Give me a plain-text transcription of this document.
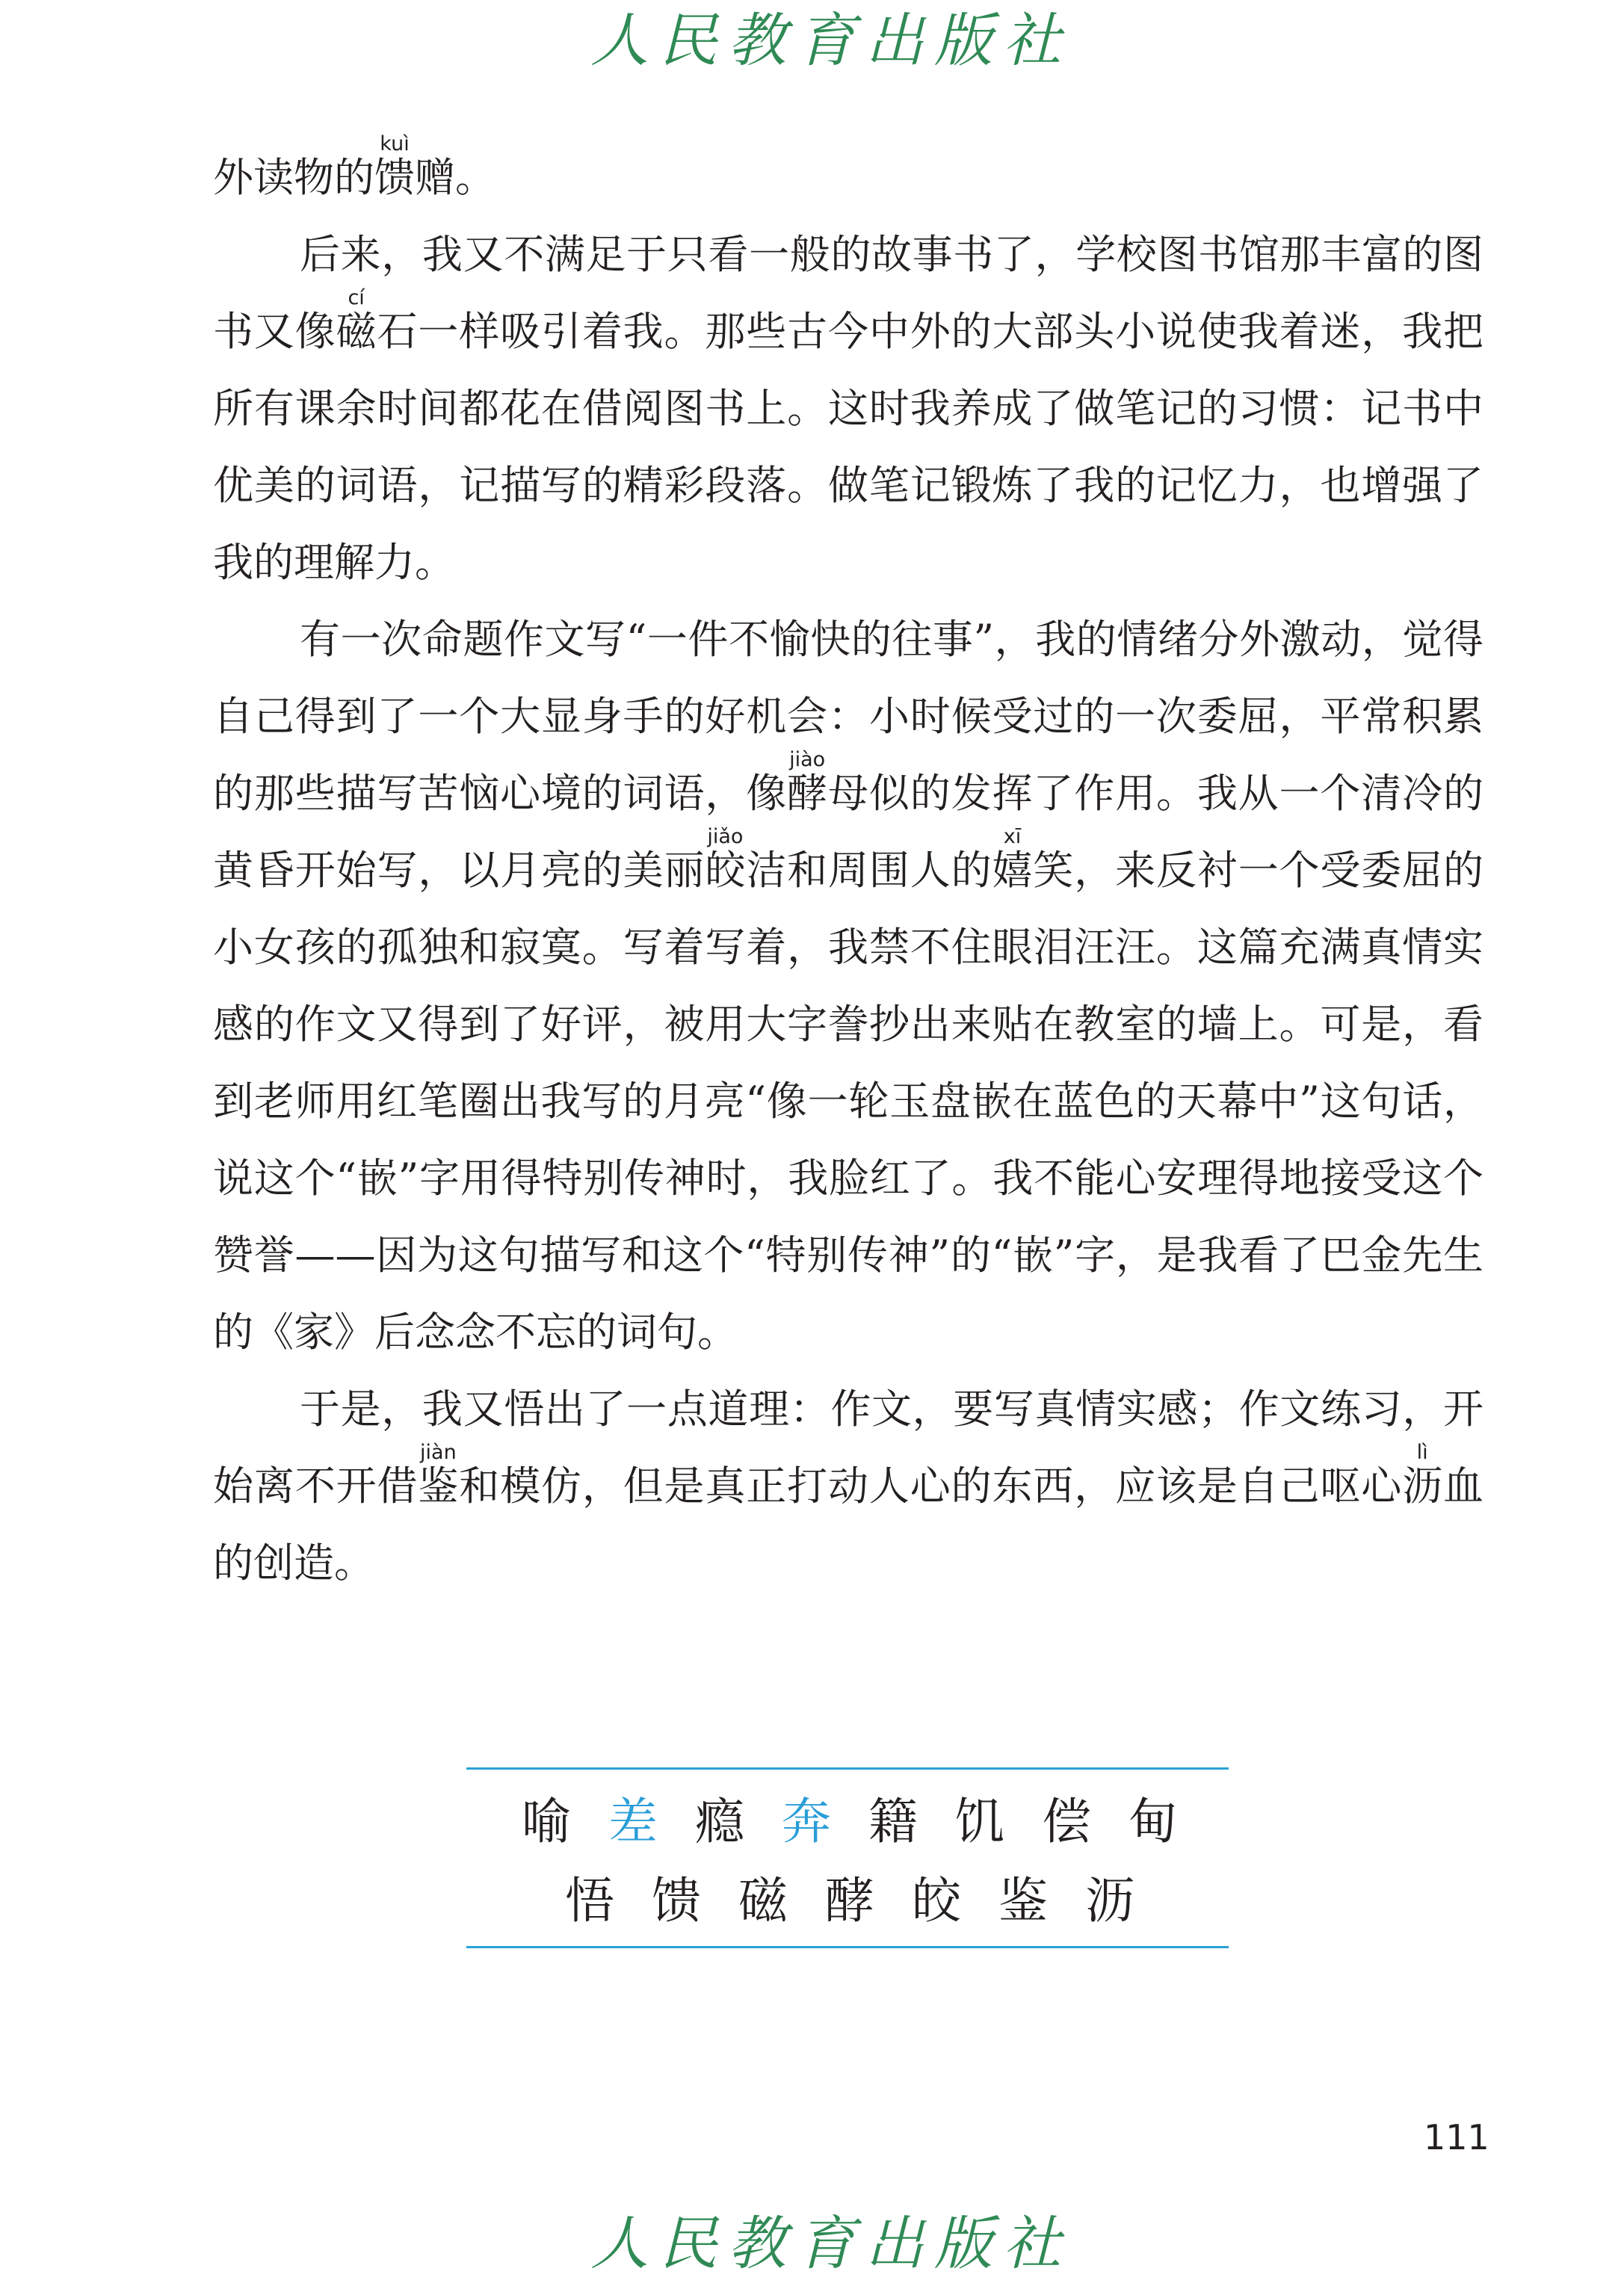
人民教育出版社

外读物的馈kuì赠。

后来，我又不满足于只看一般的故事书了，学校图书馆那丰富的图书又像磁cí石一样吸引着我。那些古今中外的大部头小说使我着迷，我把所有课余时间都花在借阅图书上。这时我养成了做笔记的习惯：记书中优美的词语，记描写的精彩段落。做笔记锻炼了我的记忆力，也增强了我的理解力。

有一次命题作文写“一件不愉快的往事”，我的情绪分外激动，觉得自己得到了一个大显身手的好机会：小时候受过的一次委屈，平常积累的那些描写苦恼心境的词语，像酵jiào母似的发挥了作用。我从一个清冷的黄昏开始写，以月亮的美丽皎jiǎo洁和周围人的嬉xī笑，来反衬一个受委屈的小女孩的孤独和寂寞。写着写着，我禁不住眼泪汪汪。这篇充满真情实感的作文又得到了好评，被用大字誊抄出来贴在教室的墙上。可是，看到老师用红笔圈出我写的月亮“像一轮玉盘嵌在蓝色的天幕中”这句话，说这个“嵌”字用得特别传神时，我脸红了。我不能心安理得地接受这个赞誉——因为这句描写和这个“特别传神”的“嵌”字，是我看了巴金先生的《家》后念念不忘的词句。

于是，我又悟出了一点道理：作文，要写真情实感；作文练习，开始离不开借鉴jiàn和模仿，但是真正打动人心的东西，应该是自己呕心沥lì血的创造。

喻 差 瘾 奔 籍 饥 偿 甸
悟 馈 磁 酵 皎 鉴 沥
111
人民教育出版社
